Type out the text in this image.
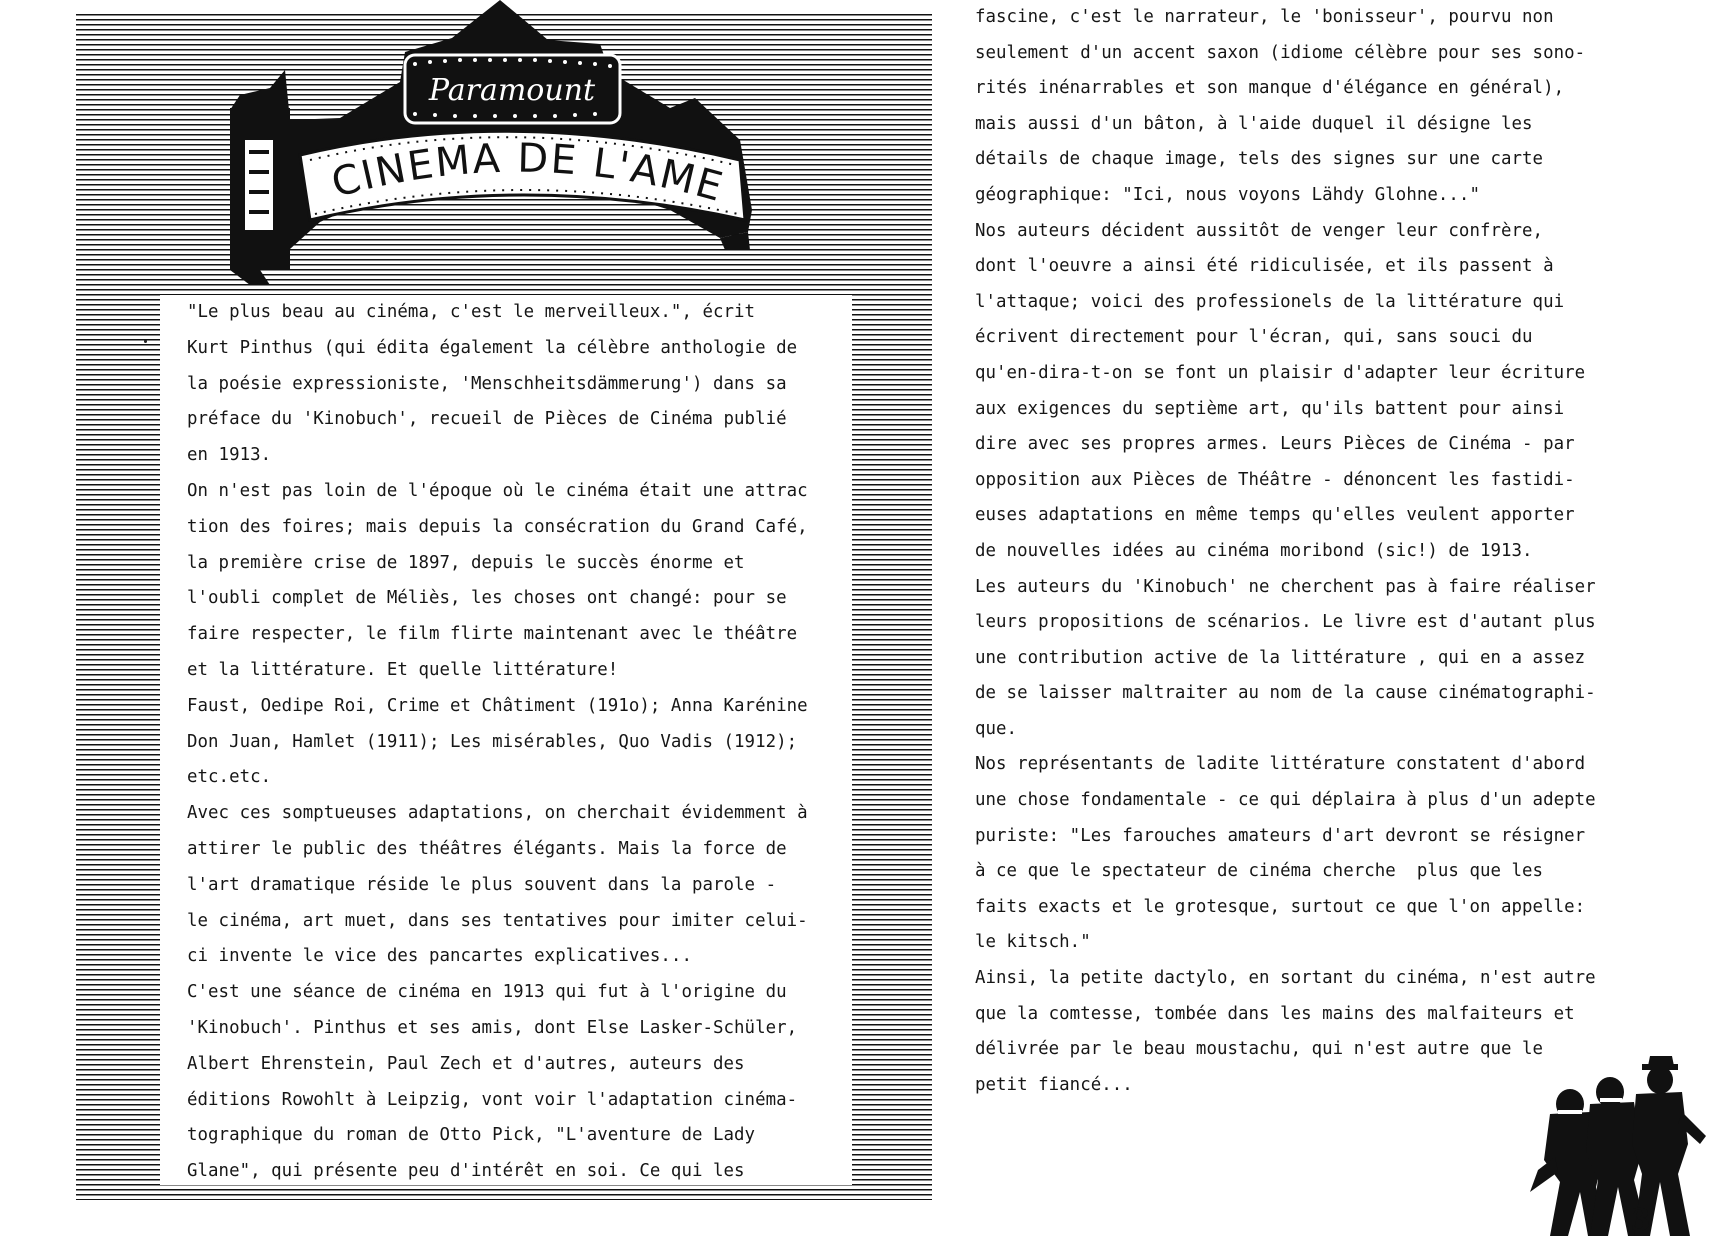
Paramount
CINEMA DE L'AME
"Le plus beau au cinéma, c'est le merveilleux.", écrit
Kurt Pinthus (qui édita également la célèbre anthologie de
la poésie expressioniste, 'Menschheitsdämmerung') dans sa
préface du 'Kinobuch', recueil de Pièces de Cinéma publié
en 1913.
On n'est pas loin de l'époque où le cinéma était une attrac
tion des foires; mais depuis la consécration du Grand Café,
la première crise de 1897, depuis le succès énorme et
l'oubli complet de Méliès, les choses ont changé: pour se
faire respecter, le film flirte maintenant avec le théâtre
et la littérature. Et quelle littérature!
Faust, Oedipe Roi, Crime et Châtiment (191o); Anna Karénine
Don Juan, Hamlet (1911); Les misérables, Quo Vadis (1912);
etc.etc.
Avec ces somptueuses adaptations, on cherchait évidemment à
attirer le public des théâtres élégants. Mais la force de
l'art dramatique réside le plus souvent dans la parole -
le cinéma, art muet, dans ses tentatives pour imiter celui-
ci invente le vice des pancartes explicatives...
C'est une séance de cinéma en 1913 qui fut à l'origine du
'Kinobuch'. Pinthus et ses amis, dont Else Lasker-Schüler,
Albert Ehrenstein, Paul Zech et d'autres, auteurs des
éditions Rowohlt à Leipzig, vont voir l'adaptation cinéma-
tographique du roman de Otto Pick, "L'aventure de Lady
Glane", qui présente peu d'intérêt en soi. Ce qui les
fascine, c'est le narrateur, le 'bonisseur', pourvu non
seulement d'un accent saxon (idiome célèbre pour ses sono-
rités inénarrables et son manque d'élégance en général),
mais aussi d'un bâton, à l'aide duquel il désigne les
détails de chaque image, tels des signes sur une carte
géographique: "Ici, nous voyons Lähdy Glohne..."
Nos auteurs décident aussitôt de venger leur confrère,
dont l'oeuvre a ainsi été ridiculisée, et ils passent à
l'attaque; voici des professionels de la littérature qui
écrivent directement pour l'écran, qui, sans souci du
qu'en-dira-t-on se font un plaisir d'adapter leur écriture
aux exigences du septième art, qu'ils battent pour ainsi
dire avec ses propres armes. Leurs Pièces de Cinéma - par
opposition aux Pièces de Théâtre - dénoncent les fastidi-
euses adaptations en même temps qu'elles veulent apporter
de nouvelles idées au cinéma moribond (sic!) de 1913.
Les auteurs du 'Kinobuch' ne cherchent pas à faire réaliser
leurs propositions de scénarios. Le livre est d'autant plus
une contribution active de la littérature , qui en a assez
de se laisser maltraiter au nom de la cause cinématographi-
que.
Nos représentants de ladite littérature constatent d'abord
une chose fondamentale - ce qui déplaira à plus d'un adepte
puriste: "Les farouches amateurs d'art devront se résigner
à ce que le spectateur de cinéma cherche  plus que les
faits exacts et le grotesque, surtout ce que l'on appelle:
le kitsch."
Ainsi, la petite dactylo, en sortant du cinéma, n'est autre
que la comtesse, tombée dans les mains des malfaiteurs et
délivrée par le beau moustachu, qui n'est autre que le
petit fiancé...
3
